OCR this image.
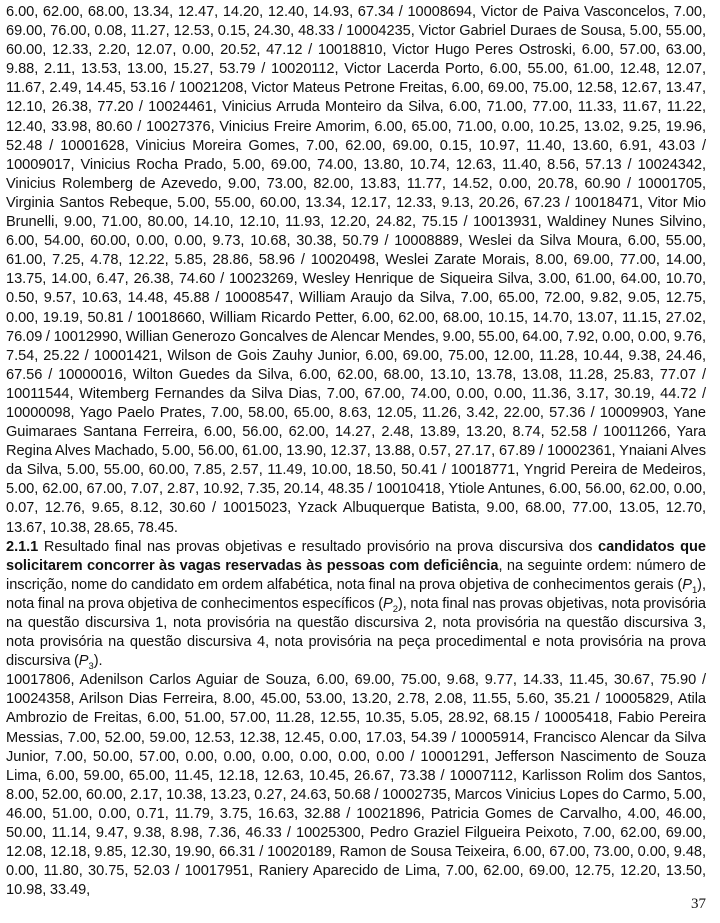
6.00, 62.00, 68.00, 13.34, 12.47, 14.20, 12.40, 14.93, 67.34 / 10008694, Victor de Paiva Vasconcelos, 7.00, 69.00, 76.00, 0.08, 11.27, 12.53, 0.15, 24.30, 48.33 / 10004235, Victor Gabriel Duraes de Sousa, 5.00, 55.00, 60.00, 12.33, 2.20, 12.07, 0.00, 20.52, 47.12 / 10018810, Victor Hugo Peres Ostroski, 6.00, 57.00, 63.00, 9.88, 2.11, 13.53, 13.00, 15.27, 53.79 / 10020112, Victor Lacerda Porto, 6.00, 55.00, 61.00, 12.48, 12.07, 11.67, 2.49, 14.45, 53.16 / 10021208, Victor Mateus Petrone Freitas, 6.00, 69.00, 75.00, 12.58, 12.67, 13.47, 12.10, 26.38, 77.20 / 10024461, Vinicius Arruda Monteiro da Silva, 6.00, 71.00, 77.00, 11.33, 11.67, 11.22, 12.40, 33.98, 80.60 / 10027376, Vinicius Freire Amorim, 6.00, 65.00, 71.00, 0.00, 10.25, 13.02, 9.25, 19.96, 52.48 / 10001628, Vinicius Moreira Gomes, 7.00, 62.00, 69.00, 0.15, 10.97, 11.40, 13.60, 6.91, 43.03 / 10009017, Vinicius Rocha Prado, 5.00, 69.00, 74.00, 13.80, 10.74, 12.63, 11.40, 8.56, 57.13 / 10024342, Vinicius Rolemberg de Azevedo, 9.00, 73.00, 82.00, 13.83, 11.77, 14.52, 0.00, 20.78, 60.90 / 10001705, Virginia Santos Rebeque, 5.00, 55.00, 60.00, 13.34, 12.17, 12.33, 9.13, 20.26, 67.23 / 10018471, Vitor Mio Brunelli, 9.00, 71.00, 80.00, 14.10, 12.10, 11.93, 12.20, 24.82, 75.15 / 10013931, Waldiney Nunes Silvino, 6.00, 54.00, 60.00, 0.00, 0.00, 9.73, 10.68, 30.38, 50.79 / 10008889, Weslei da Silva Moura, 6.00, 55.00, 61.00, 7.25, 4.78, 12.22, 5.85, 28.86, 58.96 / 10020498, Weslei Zarate Morais, 8.00, 69.00, 77.00, 14.00, 13.75, 14.00, 6.47, 26.38, 74.60 / 10023269, Wesley Henrique de Siqueira Silva, 3.00, 61.00, 64.00, 10.70, 0.50, 9.57, 10.63, 14.48, 45.88 / 10008547, William Araujo da Silva, 7.00, 65.00, 72.00, 9.82, 9.05, 12.75, 0.00, 19.19, 50.81 / 10018660, William Ricardo Petter, 6.00, 62.00, 68.00, 10.15, 14.70, 13.07, 11.15, 27.02, 76.09 / 10012990, Willian Generozo Goncalves de Alencar Mendes, 9.00, 55.00, 64.00, 7.92, 0.00, 0.00, 9.76, 7.54, 25.22 / 10001421, Wilson de Gois Zauhy Junior, 6.00, 69.00, 75.00, 12.00, 11.28, 10.44, 9.38, 24.46, 67.56 / 10000016, Wilton Guedes da Silva, 6.00, 62.00, 68.00, 13.10, 13.78, 13.08, 11.28, 25.83, 77.07 / 10011544, Witemberg Fernandes da Silva Dias, 7.00, 67.00, 74.00, 0.00, 0.00, 11.36, 3.17, 30.19, 44.72 / 10000098, Yago Paelo Prates, 7.00, 58.00, 65.00, 8.63, 12.05, 11.26, 3.42, 22.00, 57.36 / 10009903, Yane Guimaraes Santana Ferreira, 6.00, 56.00, 62.00, 14.27, 2.48, 13.89, 13.20, 8.74, 52.58 / 10011266, Yara Regina Alves Machado, 5.00, 56.00, 61.00, 13.90, 12.37, 13.88, 0.57, 27.17, 67.89 / 10002361, Ynaiani Alves da Silva, 5.00, 55.00, 60.00, 7.85, 2.57, 11.49, 10.00, 18.50, 50.41 / 10018771, Yngrid Pereira de Medeiros, 5.00, 62.00, 67.00, 7.07, 2.87, 10.92, 7.35, 20.14, 48.35 / 10010418, Ytiole Antunes, 6.00, 56.00, 62.00, 0.00, 0.07, 12.76, 9.65, 8.12, 30.60 / 10015023, Yzack Albuquerque Batista, 9.00, 68.00, 77.00, 13.05, 12.70, 13.67, 10.38, 28.65, 78.45.

2.1.1 Resultado final nas provas objetivas e resultado provisório na prova discursiva dos candidatos que solicitarem concorrer às vagas reservadas às pessoas com deficiência, na seguinte ordem: número de inscrição, nome do candidato em ordem alfabética, nota final na prova objetiva de conhecimentos gerais $(P_1)$, nota final na prova objetiva de conhecimentos específicos $(P_2)$, nota final nas provas objetivas, nota provisória na questão discursiva 1, nota provisória na questão discursiva 2, nota provisória na questão discursiva 3, nota provisória na questão discursiva 4, nota provisória na peça procedimental e nota provisória na prova discursiva $(P_3)$.

10017806, Adenilson Carlos Aguiar de Souza, 6.00, 69.00, 75.00, 9.68, 9.77, 14.33, 11.45, 30.67, 75.90 / 10024358, Arilson Dias Ferreira, 8.00, 45.00, 53.00, 13.20, 2.78, 2.08, 11.55, 5.60, 35.21 / 10005829, Atila Ambrozio de Freitas, 6.00, 51.00, 57.00, 11.28, 12.55, 10.35, 5.05, 28.92, 68.15 / 10005418, Fabio Pereira Messias, 7.00, 52.00, 59.00, 12.53, 12.38, 12.45, 0.00, 17.03, 54.39 / 10005914, Francisco Alencar da Silva Junior, 7.00, 50.00, 57.00, 0.00, 0.00, 0.00, 0.00, 0.00, 0.00 / 10001291, Jefferson Nascimento de Souza Lima, 6.00, 59.00, 65.00, 11.45, 12.18, 12.63, 10.45, 26.67, 73.38 / 10007112, Karlisson Rolim dos Santos, 8.00, 52.00, 60.00, 2.17, 10.38, 13.23, 0.27, 24.63, 50.68 / 10002735, Marcos Vinicius Lopes do Carmo, 5.00, 46.00, 51.00, 0.00, 0.71, 11.79, 3.75, 16.63, 32.88 / 10021896, Patricia Gomes de Carvalho, 4.00, 46.00, 50.00, 11.14, 9.47, 9.38, 8.98, 7.36, 46.33 / 10025300, Pedro Graziel Filgueira Peixoto, 7.00, 62.00, 69.00, 12.08, 12.18, 9.85, 12.30, 19.90, 66.31 / 10020189, Ramon de Sousa Teixeira, 6.00, 67.00, 73.00, 0.00, 9.48, 0.00, 11.80, 30.75, 52.03 / 10017951, Raniery Aparecido de Lima, 7.00, 62.00, 69.00, 12.75, 12.20, 13.50, 10.98, 33.49,

37
